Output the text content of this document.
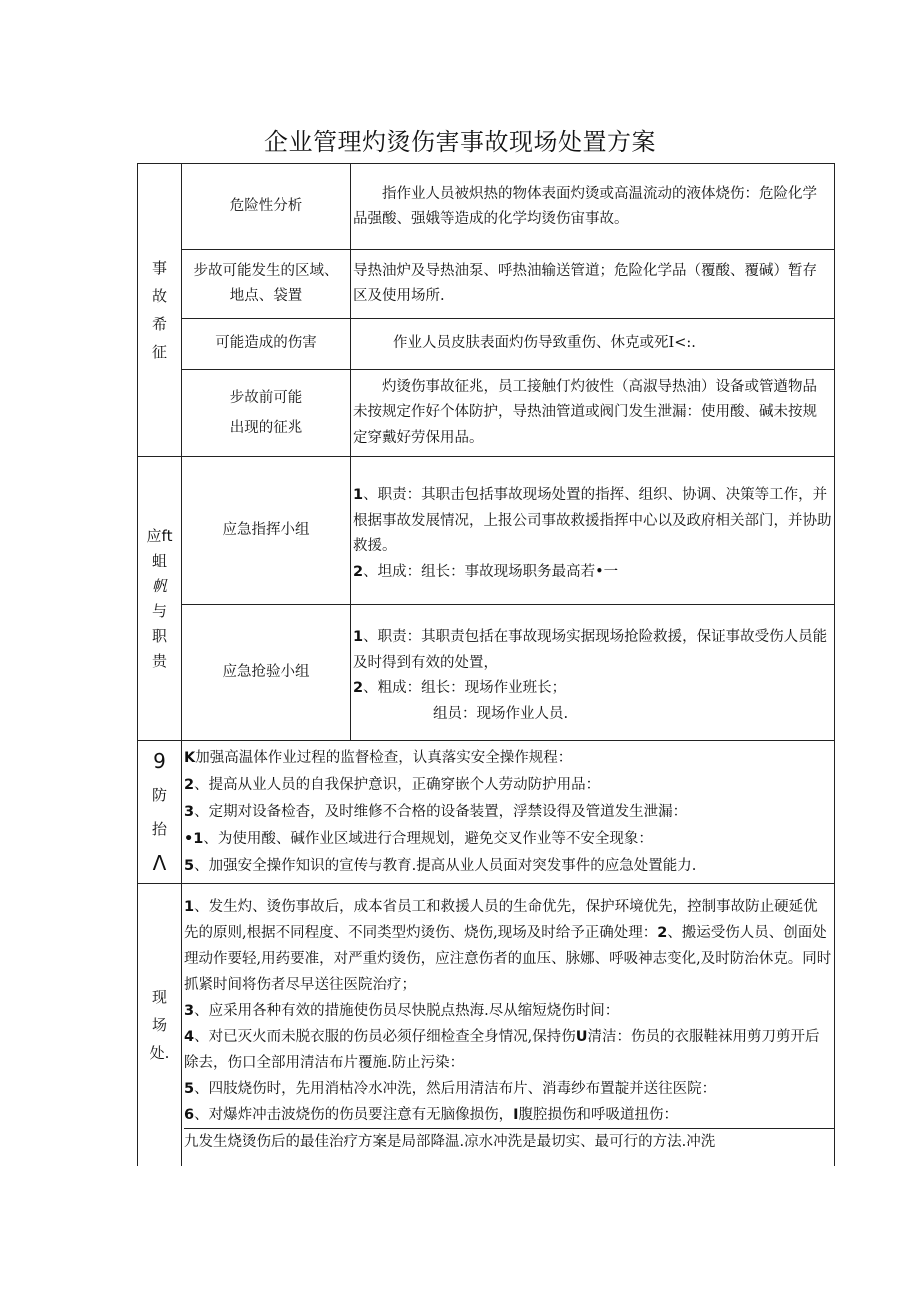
企业管理灼烫伤害事故现场处置方案
事
故
希
征
危险性分析
指作业人员被炽热的物体表面灼烫或高温流动的液体烧伤：危险化学品强酸、强娥等造成的化学均烫伤宙事故。
步故可能发生的区域、
地点、袋置
导热油炉及导热油泵、呼热油输送管道；危险化学品（覆酸、覆碱）暂存区及使用场所.
可能造成的伤害	作业人员皮肤表面灼伤导致重伤、休克或死I<:.
步故前可能
出现的征兆
灼烫伤事故征兆，员工接触仃灼彼性（高淑导热油）设备或管遒物品未按规定作好个体防护，导热油管道或阀门发生泄漏：使用酸、碱未按规定穿戴好劳保用品。
应ft
蛆
帆
与
职
贵
应急指挥小组
1、职责：其职击包括事故现场处置的指挥、组织、协调、决策等工作，并根据事故发展情况，上报公司事故救援指挥中心以及政府相关部门，并协助救援。
2、坦成：组长：事故现场职务最高若•一
应急抢验小组
1、职责：其职责包括在事故现场实据现场抢险救援，保证事故受伤人员能及时得到有效的处置，
2、粗成：组长：现场作业班长；
组员：现场作业人员.
9
防
抬
Λ
K加强高温体作业过程的监督检查，认真落实安全操作规程：
2、提高从业人员的自我保护意识，正确穿嵌个人劳动防护用品：
3、定期对设备检杳，及时维修不合格的设备装置，浮禁设得及管道发生泄漏：
•1、为使用酸、碱作业区域进行合理规划，避免交叉作业等不安全现象：
5、加强安全操作知识的宣传与教育.提高从业人员面对突发事件的应急处置能力.
现
场
处.
1、发生灼、烫伤事故后，成本省员工和救援人员的生命优先，保护环境优先，控制事故防止硬延优先的原则,根据不同程度、不同类型灼烫伤、烧伤,现场及时给予正确处理：2、搬运受伤人员、创面处理动作要轻,用药要准，对严重灼烫伤，应注意伤者的血压、脉娜、呼吸神志变化,及时防治休克。同时抓紧时间将伤者尽早送往医院治疗；
3、应采用各种有效的措施使伤员尽快脱点热海.尽从缩短烧伤时间：
4、对已灭火而未脱衣服的伤员必须仔细检查全身情况,保持伤U清洁：伤员的衣服鞋袜用剪刀剪开后除去，伤口全部用清洁布片覆施.防止污染：
5、四肢烧伤时，先用消枯冷水冲洗，然后用清洁布片、消毒纱布置靛并送往医院：
6、对爆炸冲击波烧伤的伤员要注意有无脑像损伤，I腹腔损伤和呼吸道扭伤：
九发生烧烫伤后的最佳治疗方案是局部降温.凉水冲洗是最切实、最可行的方法.冲洗
